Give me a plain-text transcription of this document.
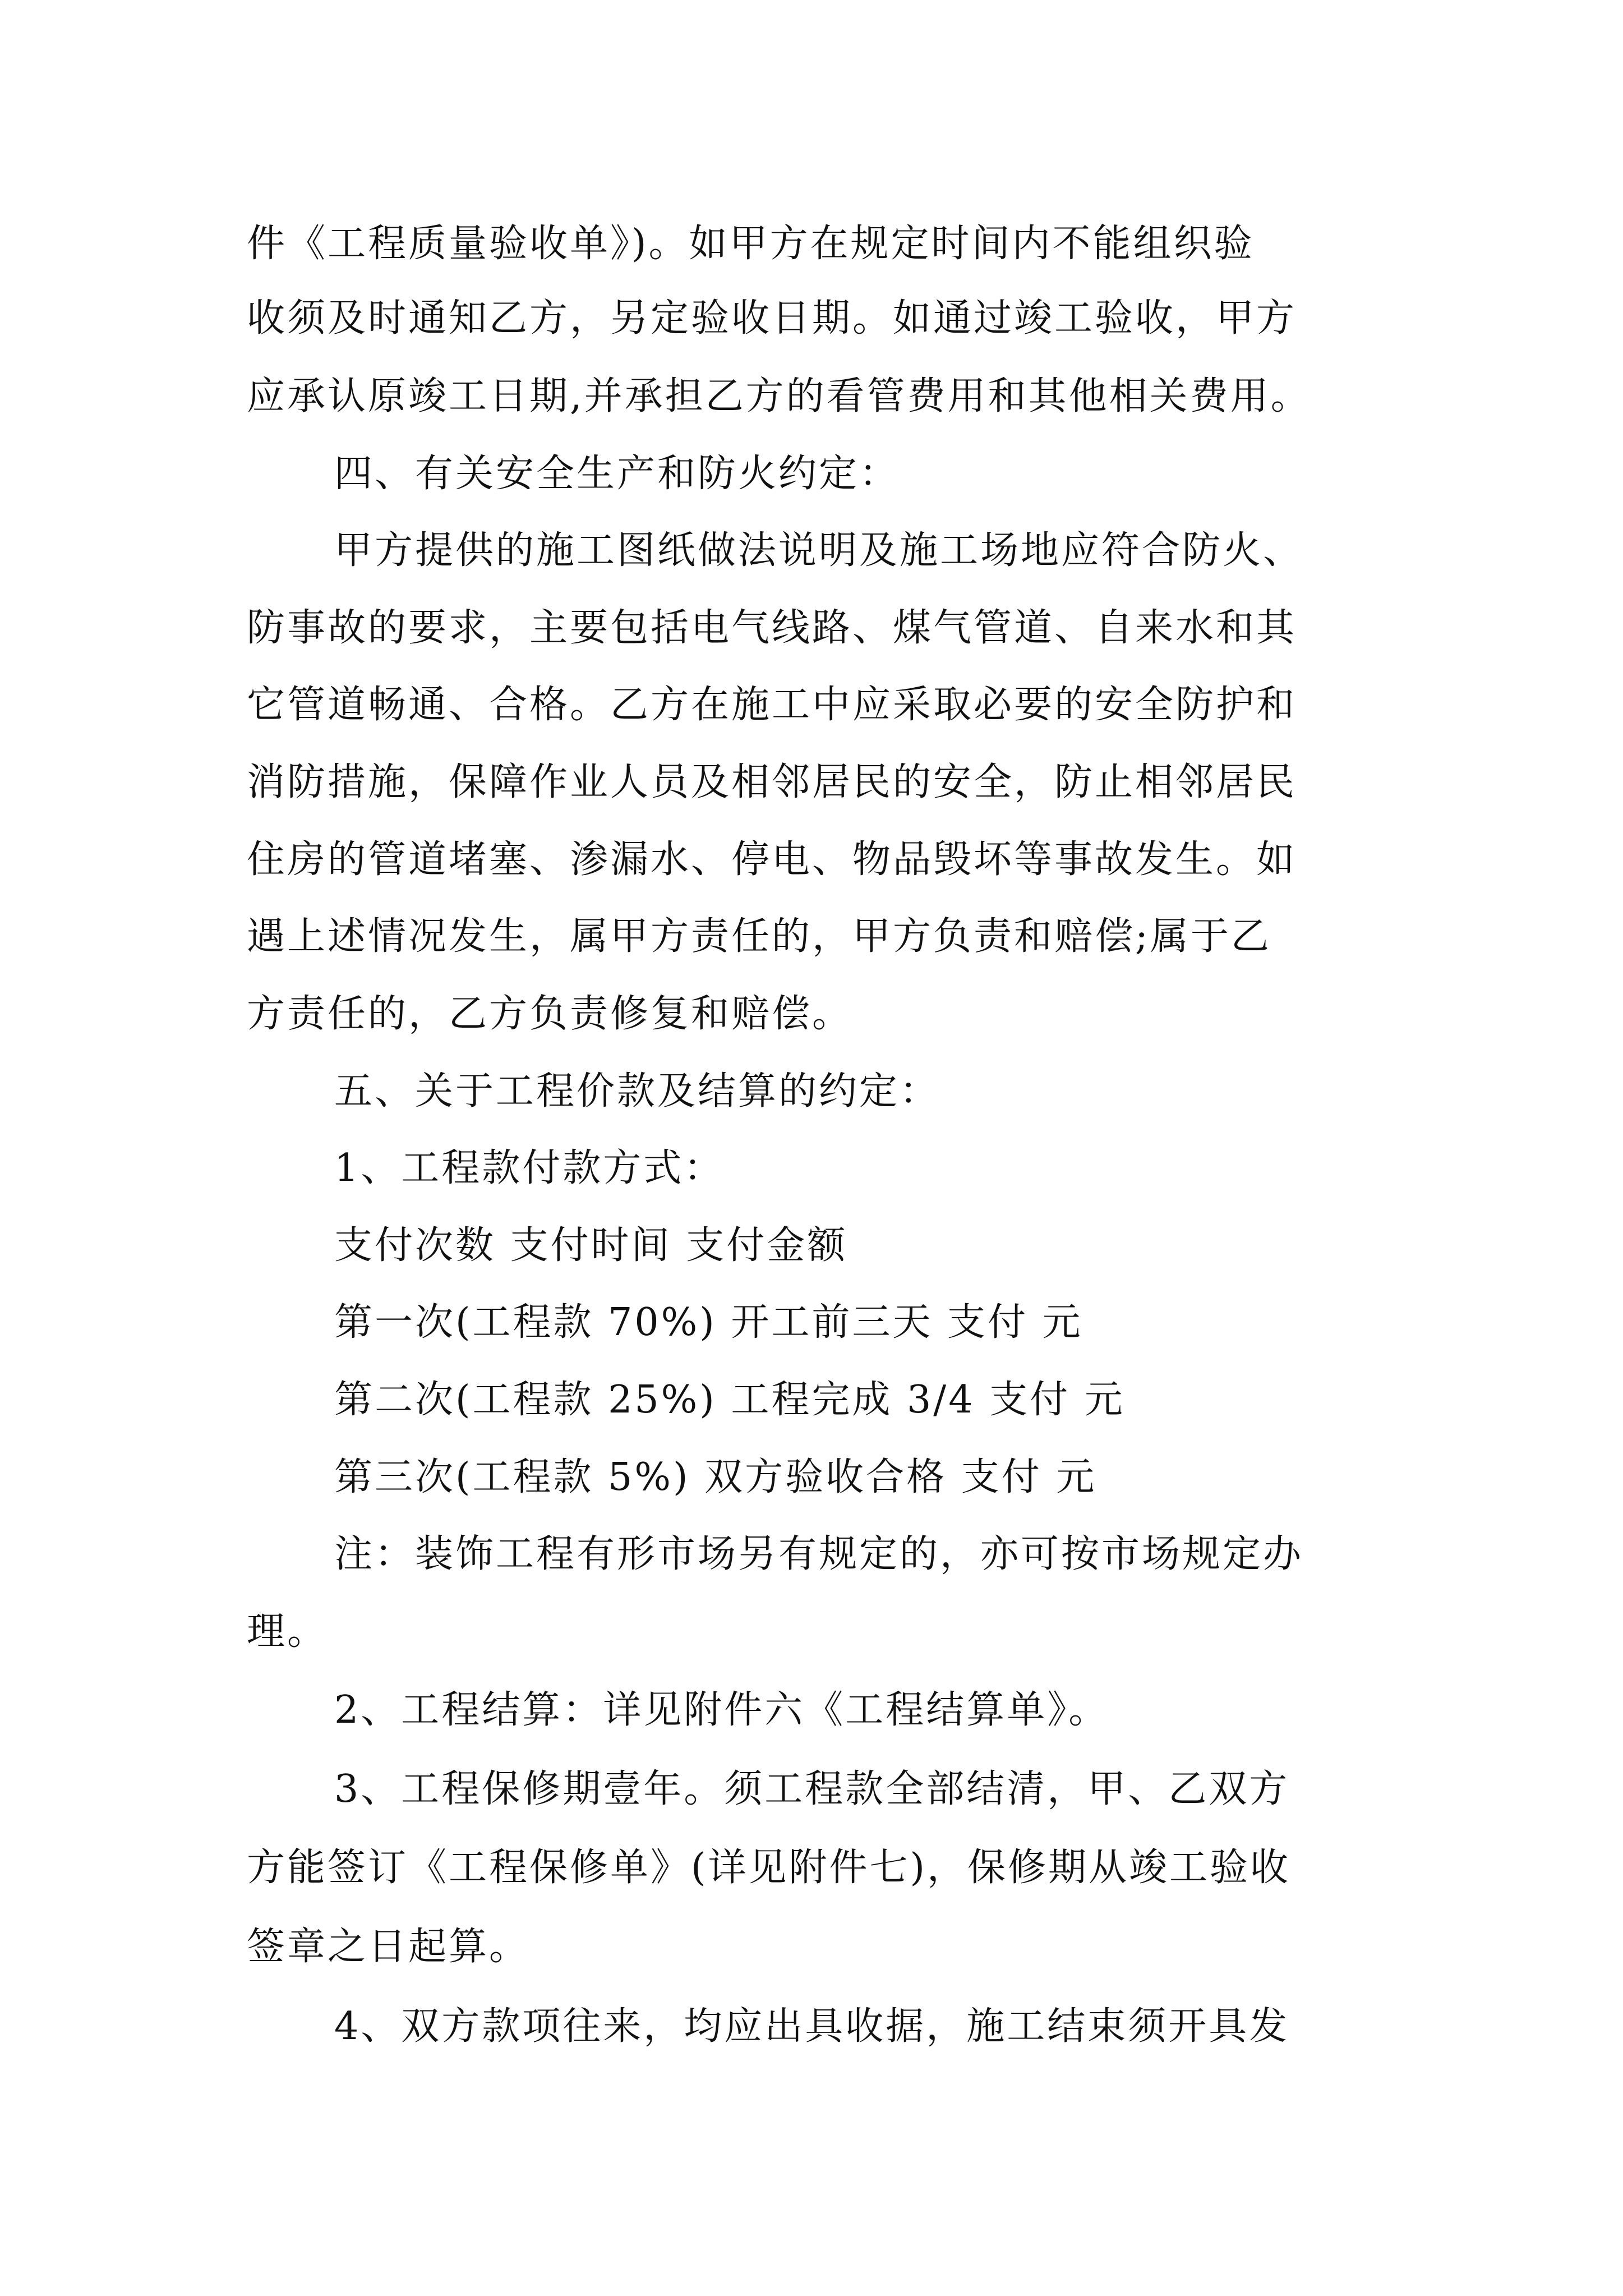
件《工程质量验收单》)。如甲方在规定时间内不能组织验
收须及时通知乙方，另定验收日期。如通过竣工验收，甲方
应承认原竣工日期,并承担乙方的看管费用和其他相关费用。
四、有关安全生产和防火约定：
甲方提供的施工图纸做法说明及施工场地应符合防火、
防事故的要求，主要包括电气线路、煤气管道、自来水和其
它管道畅通、合格。乙方在施工中应采取必要的安全防护和
消防措施，保障作业人员及相邻居民的安全，防止相邻居民
住房的管道堵塞、渗漏水、停电、物品毁坏等事故发生。如
遇上述情况发生，属甲方责任的，甲方负责和赔偿;属于乙
方责任的，乙方负责修复和赔偿。
五、关于工程价款及结算的约定：
1、工程款付款方式：
支付次数 支付时间 支付金额
第一次(工程款 70%) 开工前三天 支付 元
第二次(工程款 25%) 工程完成 3/4 支付 元
第三次(工程款 5%) 双方验收合格 支付 元
注：装饰工程有形市场另有规定的，亦可按市场规定办
理。
2、工程结算：详见附件六《工程结算单》。
3、工程保修期壹年。须工程款全部结清，甲、乙双方
方能签订《工程保修单》(详见附件七)，保修期从竣工验收
签章之日起算。
4、双方款项往来，均应出具收据，施工结束须开具发
